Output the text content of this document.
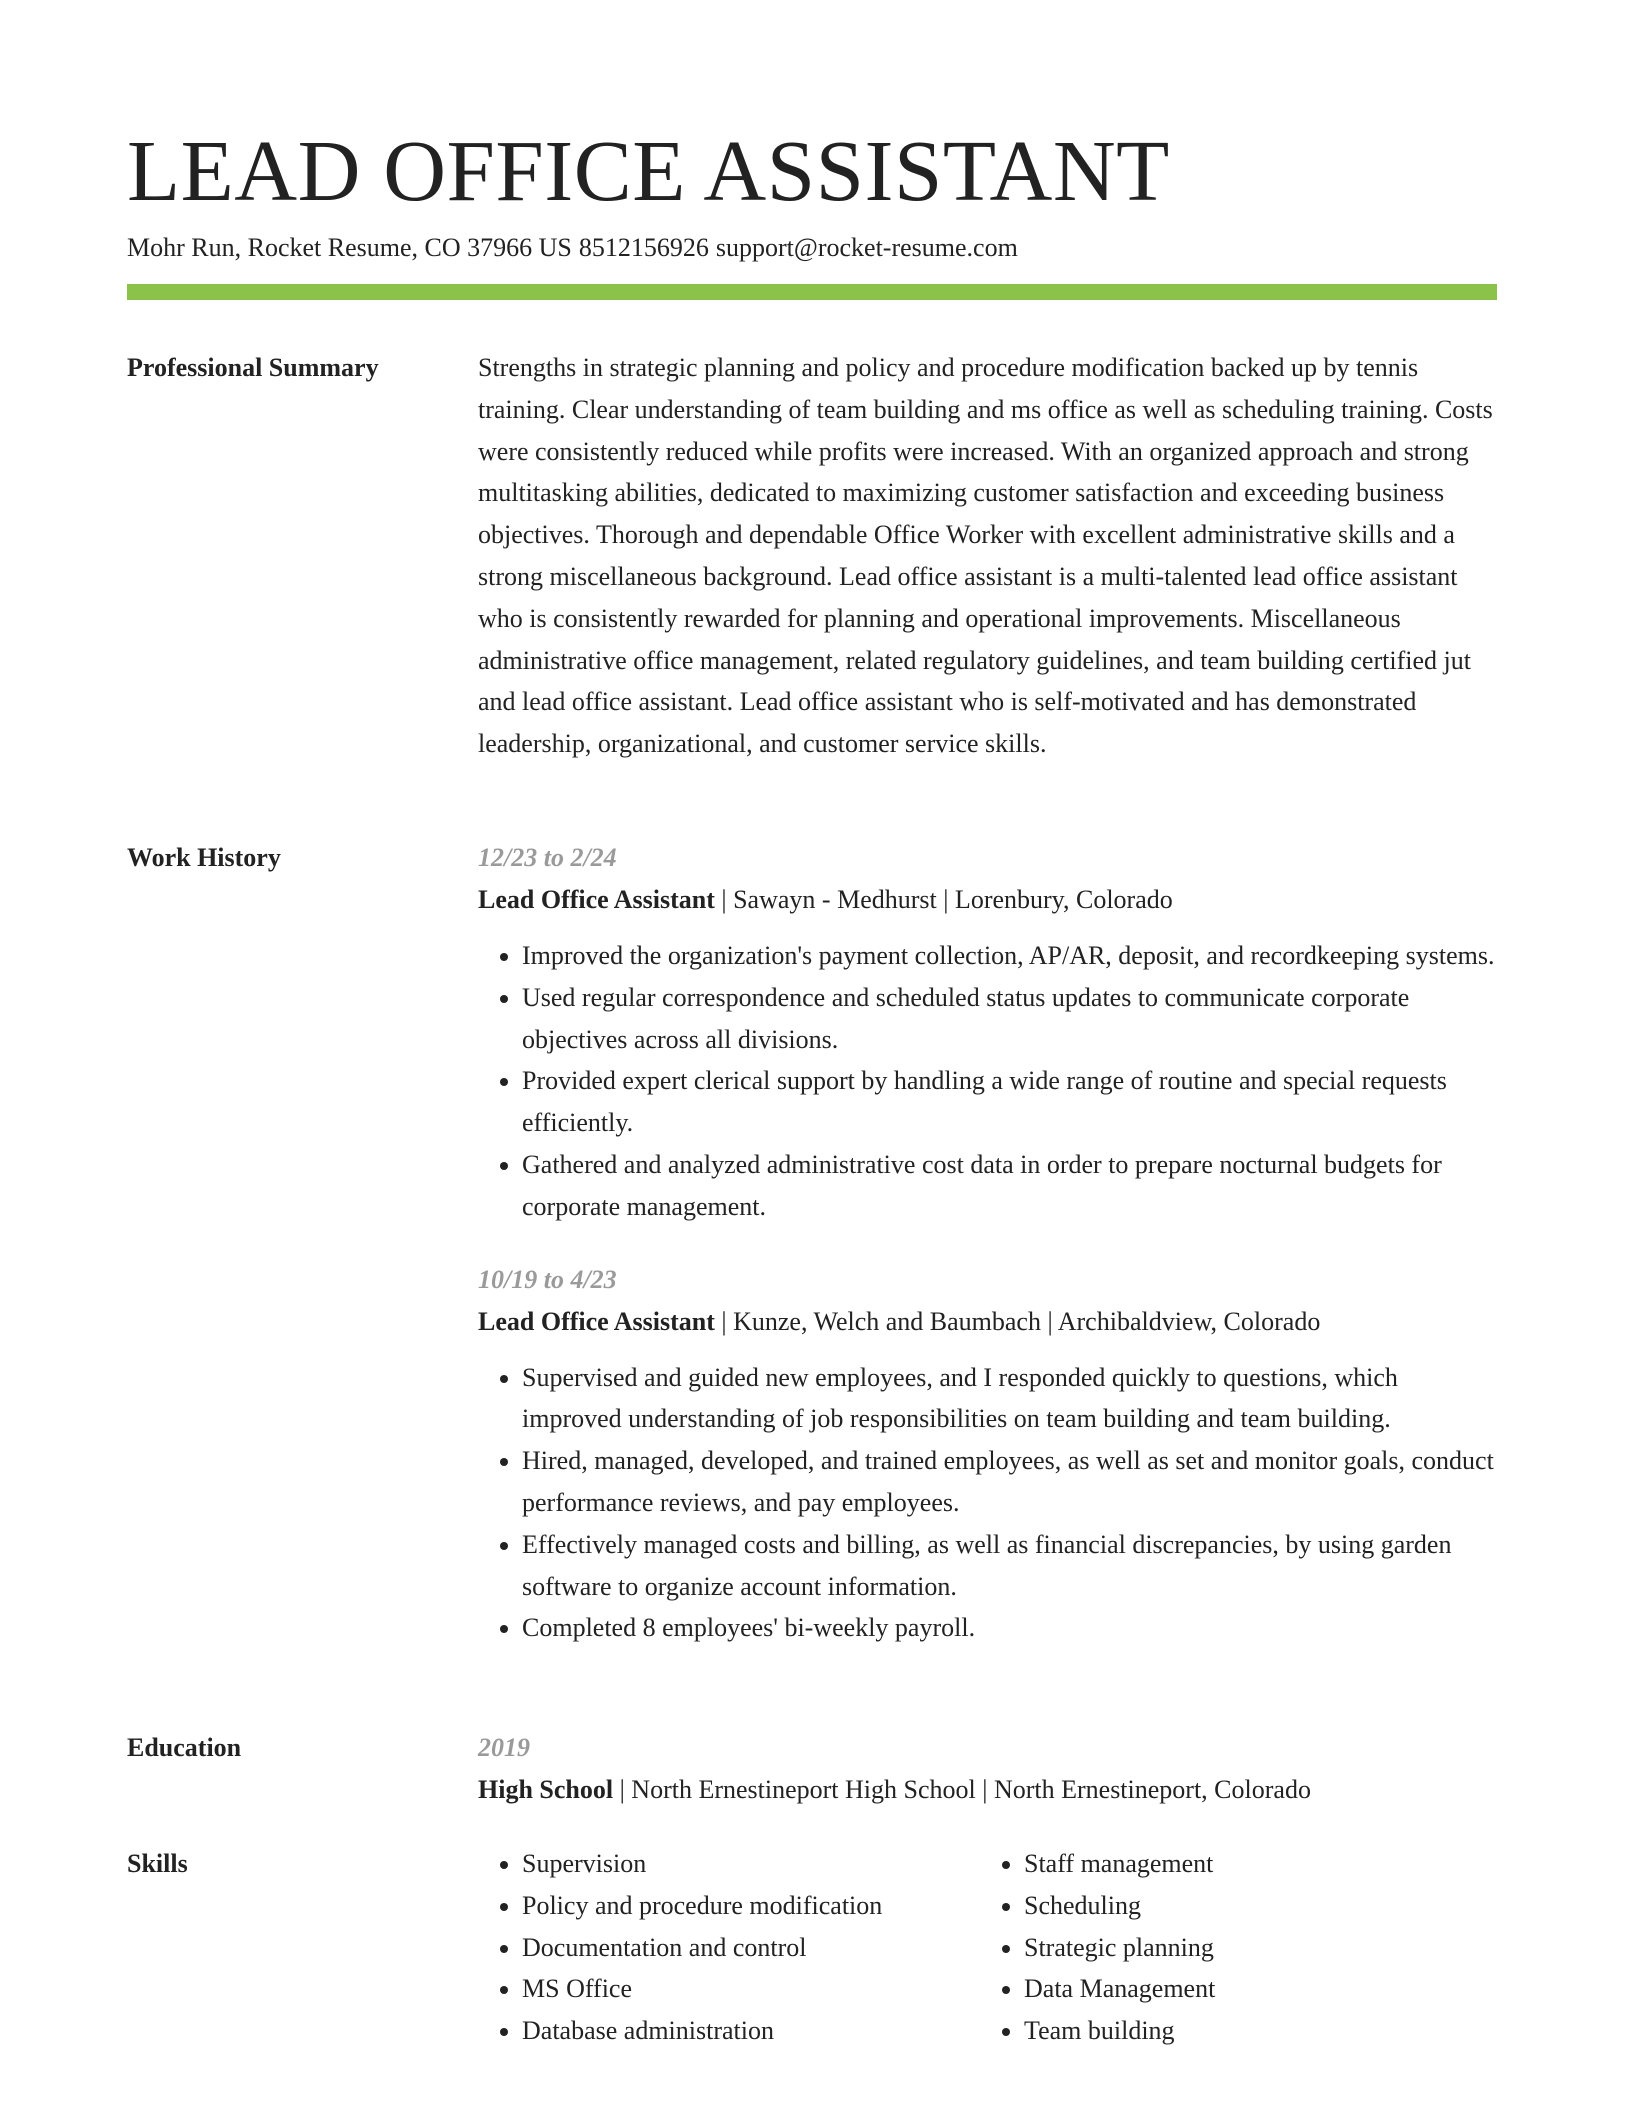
LEAD OFFICE ASSISTANT
Mohr Run, Rocket Resume, CO 37966 US 8512156926 support@rocket-resume.com
Professional Summary	Strengths in strategic planning and policy and procedure modification backed up by tennis training. Clear understanding of team building and ms office as well as scheduling training. Costs were consistently reduced while profits were increased. With an organized approach and strong multitasking abilities, dedicated to maximizing customer satisfaction and exceeding business objectives. Thorough and dependable Office Worker with excellent administrative skills and a strong miscellaneous background. Lead office assistant is a multi-talented lead office assistant who is consistently rewarded for planning and operational improvements. Miscellaneous administrative office management, related regulatory guidelines, and team building certified jut and lead office assistant. Lead office assistant who is self-motivated and has demonstrated leadership, organizational, and customer service skills.

Work History	12/23 to 2/24
Lead Office Assistant | Sawayn - Medhurst | Lorenbury, Colorado
• Improved the organization's payment collection, AP/AR, deposit, and recordkeeping systems.
• Used regular correspondence and scheduled status updates to communicate corporate objectives across all divisions.
• Provided expert clerical support by handling a wide range of routine and special requests efficiently.
• Gathered and analyzed administrative cost data in order to prepare nocturnal budgets for corporate management.
10/19 to 4/23
Lead Office Assistant | Kunze, Welch and Baumbach | Archibaldview, Colorado
• Supervised and guided new employees, and I responded quickly to questions, which improved understanding of job responsibilities on team building and team building.
• Hired, managed, developed, and trained employees, as well as set and monitor goals, conduct performance reviews, and pay employees.
• Effectively managed costs and billing, as well as financial discrepancies, by using garden software to organize account information.
• Completed 8 employees' bi-weekly payroll.
Education	2019
High School | North Ernestineport High School | North Ernestineport, Colorado
Skills
•	Supervision
• Policy and procedure modification
• Documentation and control
• MS Office
• Database administration
• Staff management
• Scheduling
• Strategic planning
• Data Management
• Team building
